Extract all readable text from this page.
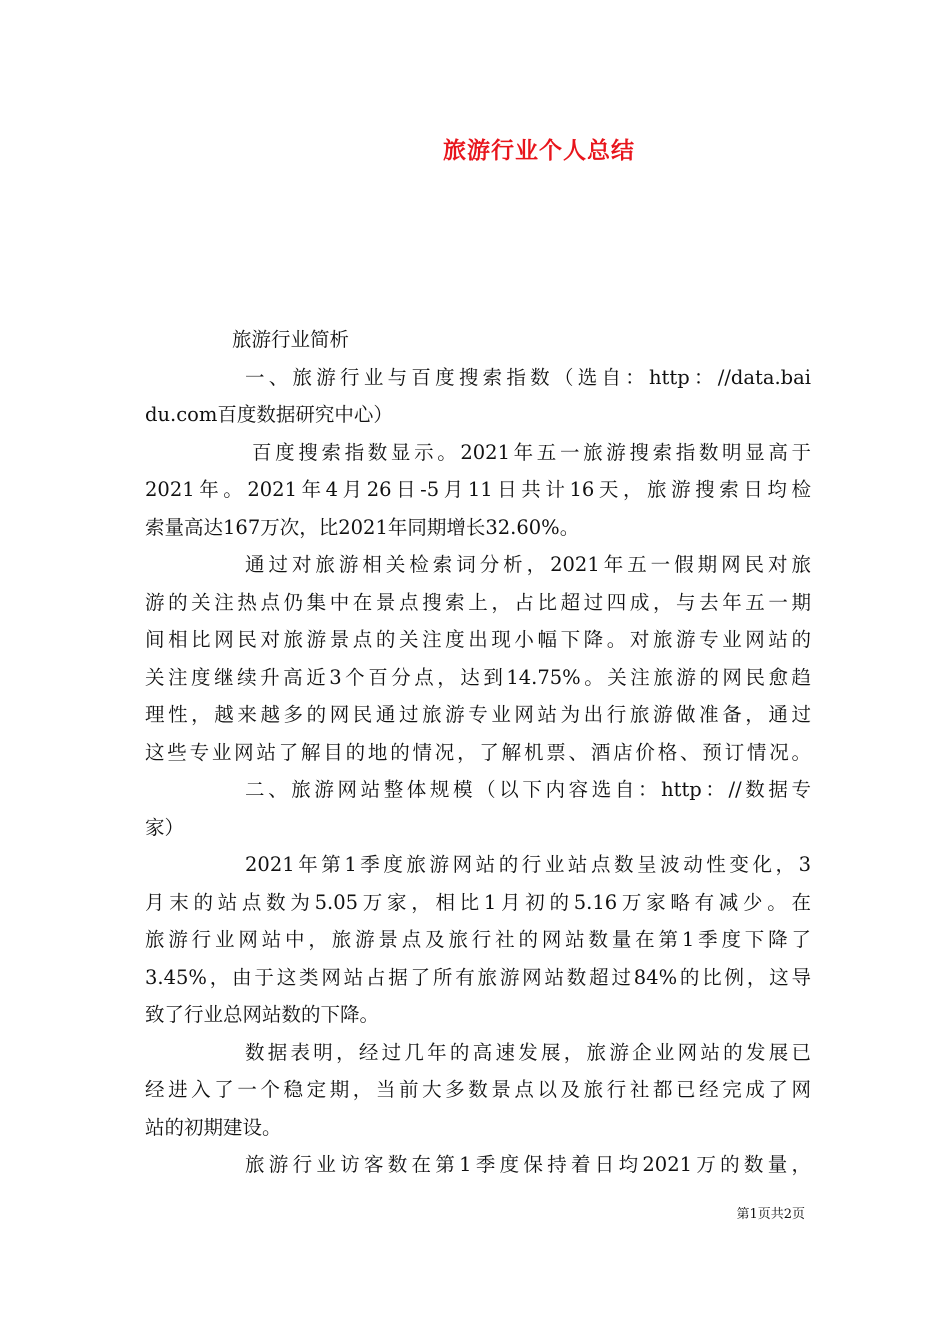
旅游行业个人总结
旅游行业简析
一、旅游行业与百度搜索指数（选自：http：//data.bai
du.com百度数据研究中心）
百度搜索指数显示。2021年五一旅游搜索指数明显高于
2021年。2021年4月26日-5月11日共计16天，旅游搜索日均检
索量高达167万次，比2021年同期增长32.60%。
通过对旅游相关检索词分析，2021年五一假期网民对旅
游的关注热点仍集中在景点搜索上，占比超过四成，与去年五一期
间相比网民对旅游景点的关注度出现小幅下降。对旅游专业网站的
关注度继续升高近3个百分点，达到14.75%。关注旅游的网民愈趋
理性，越来越多的网民通过旅游专业网站为出行旅游做准备，通过
这些专业网站了解目的地的情况，了解机票、酒店价格、预订情况。
二、旅游网站整体规模（以下内容选自：http：//数据专
家）
2021年第1季度旅游网站的行业站点数呈波动性变化，3
月末的站点数为5.05万家，相比1月初的5.16万家略有减少。在
旅游行业网站中，旅游景点及旅行社的网站数量在第1季度下降了
3.45%，由于这类网站占据了所有旅游网站数超过84%的比例，这导
致了行业总网站数的下降。
数据表明，经过几年的高速发展，旅游企业网站的发展已
经进入了一个稳定期，当前大多数景点以及旅行社都已经完成了网
站的初期建设。
旅游行业访客数在第1季度保持着日均2021万的数量，
第1页共2页
